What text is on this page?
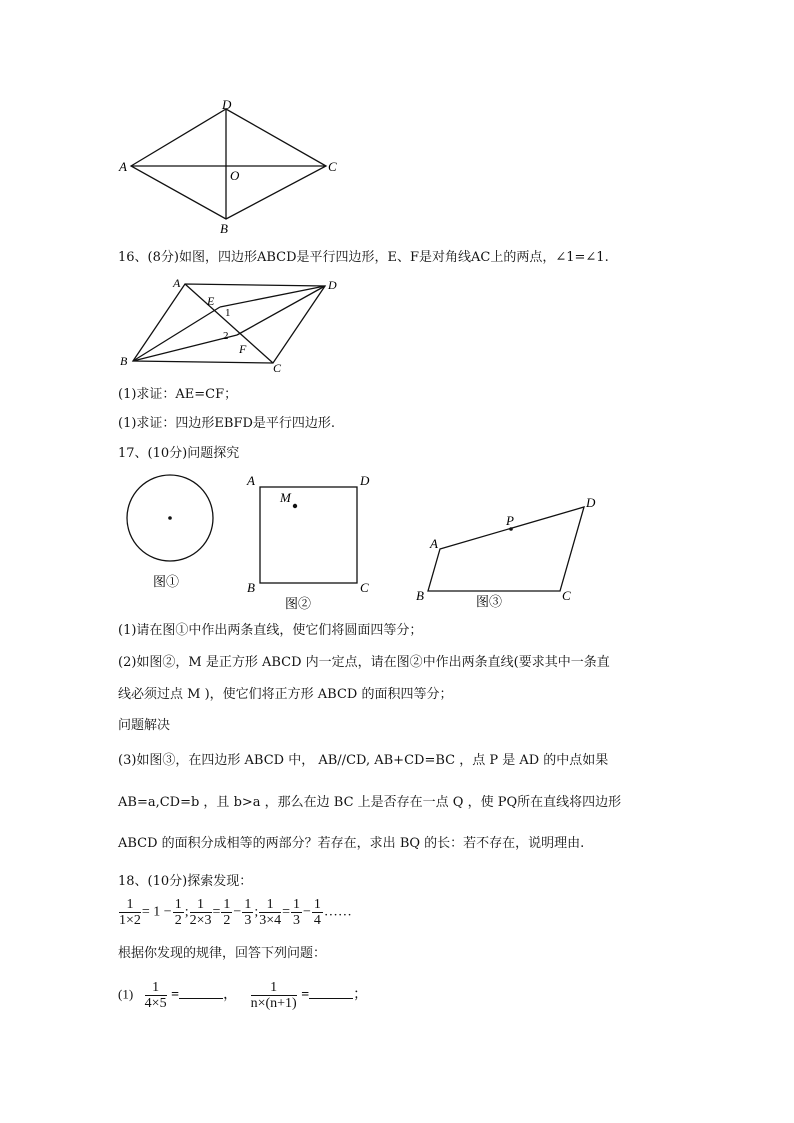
D
A	C
O
B
16、(8分)如图，四边形ABCD是平行四边形，E、F是对角线AC上的两点，∠1=∠1.
A	D
B	C
E
F
1
2
(1)求证：AE=CF；
(1)求证：四边形EBFD是平行四边形.
17、(10分)问题探究
图①
A	D
B	C
M
图②
A
D
P
B	C
图③
(1)请在图①中作出两条直线，使它们将圆面四等分；
(2)如图②，M 是正方形 ABCD 内一定点，请在图②中作出两条直线(要求其中一条直
线必须过点 M )，使它们将正方形 ABCD 的面积四等分；
问题解决
(3)如图③，在四边形 ABCD 中， AB//CD, AB+CD=BC ，点 P 是 AD 的中点如果
AB=a,CD=b ，且 b>a ，那么在边 BC 上是否存在一点 Q ，使 PQ所在直线将四边形
ABCD 的面积分成相等的两部分？若存在，求出 BQ 的长：若不存在，说明理由.
18、(10分)探索发现：
$\frac{1}{1\times 2} = 1 - \frac{1}{2}$ ; $\frac{1}{2\times 3} = \frac{1}{2} - \frac{1}{3}$ ; $\frac{1}{3\times 4} = \frac{1}{3} - \frac{1}{4}$ ……
根据你发现的规律，回答下列问题：
$(1) \frac{1}{4\times 5}$ =	， $\frac{1}{n\times(n+1)}$ =	；
